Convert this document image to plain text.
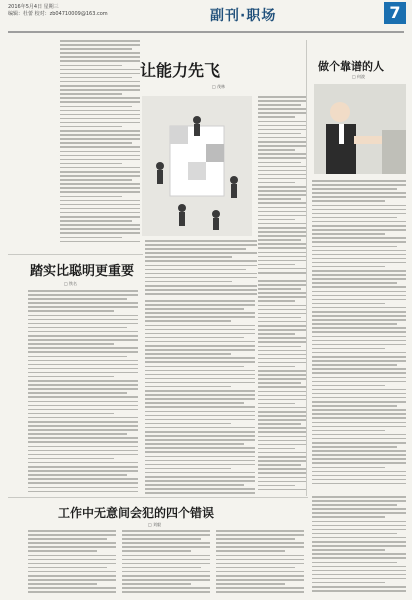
2016年5月4日 星期三
编辑：杜蕾 校对：zb04710009@163.com	副刊·职场	7
让能力先飞
□ 茂林
做个靠谱的人
□ 何波
踏实比聪明更重要
□ 铁名
工作中无意间会犯的四个错误
□ 刘毅
